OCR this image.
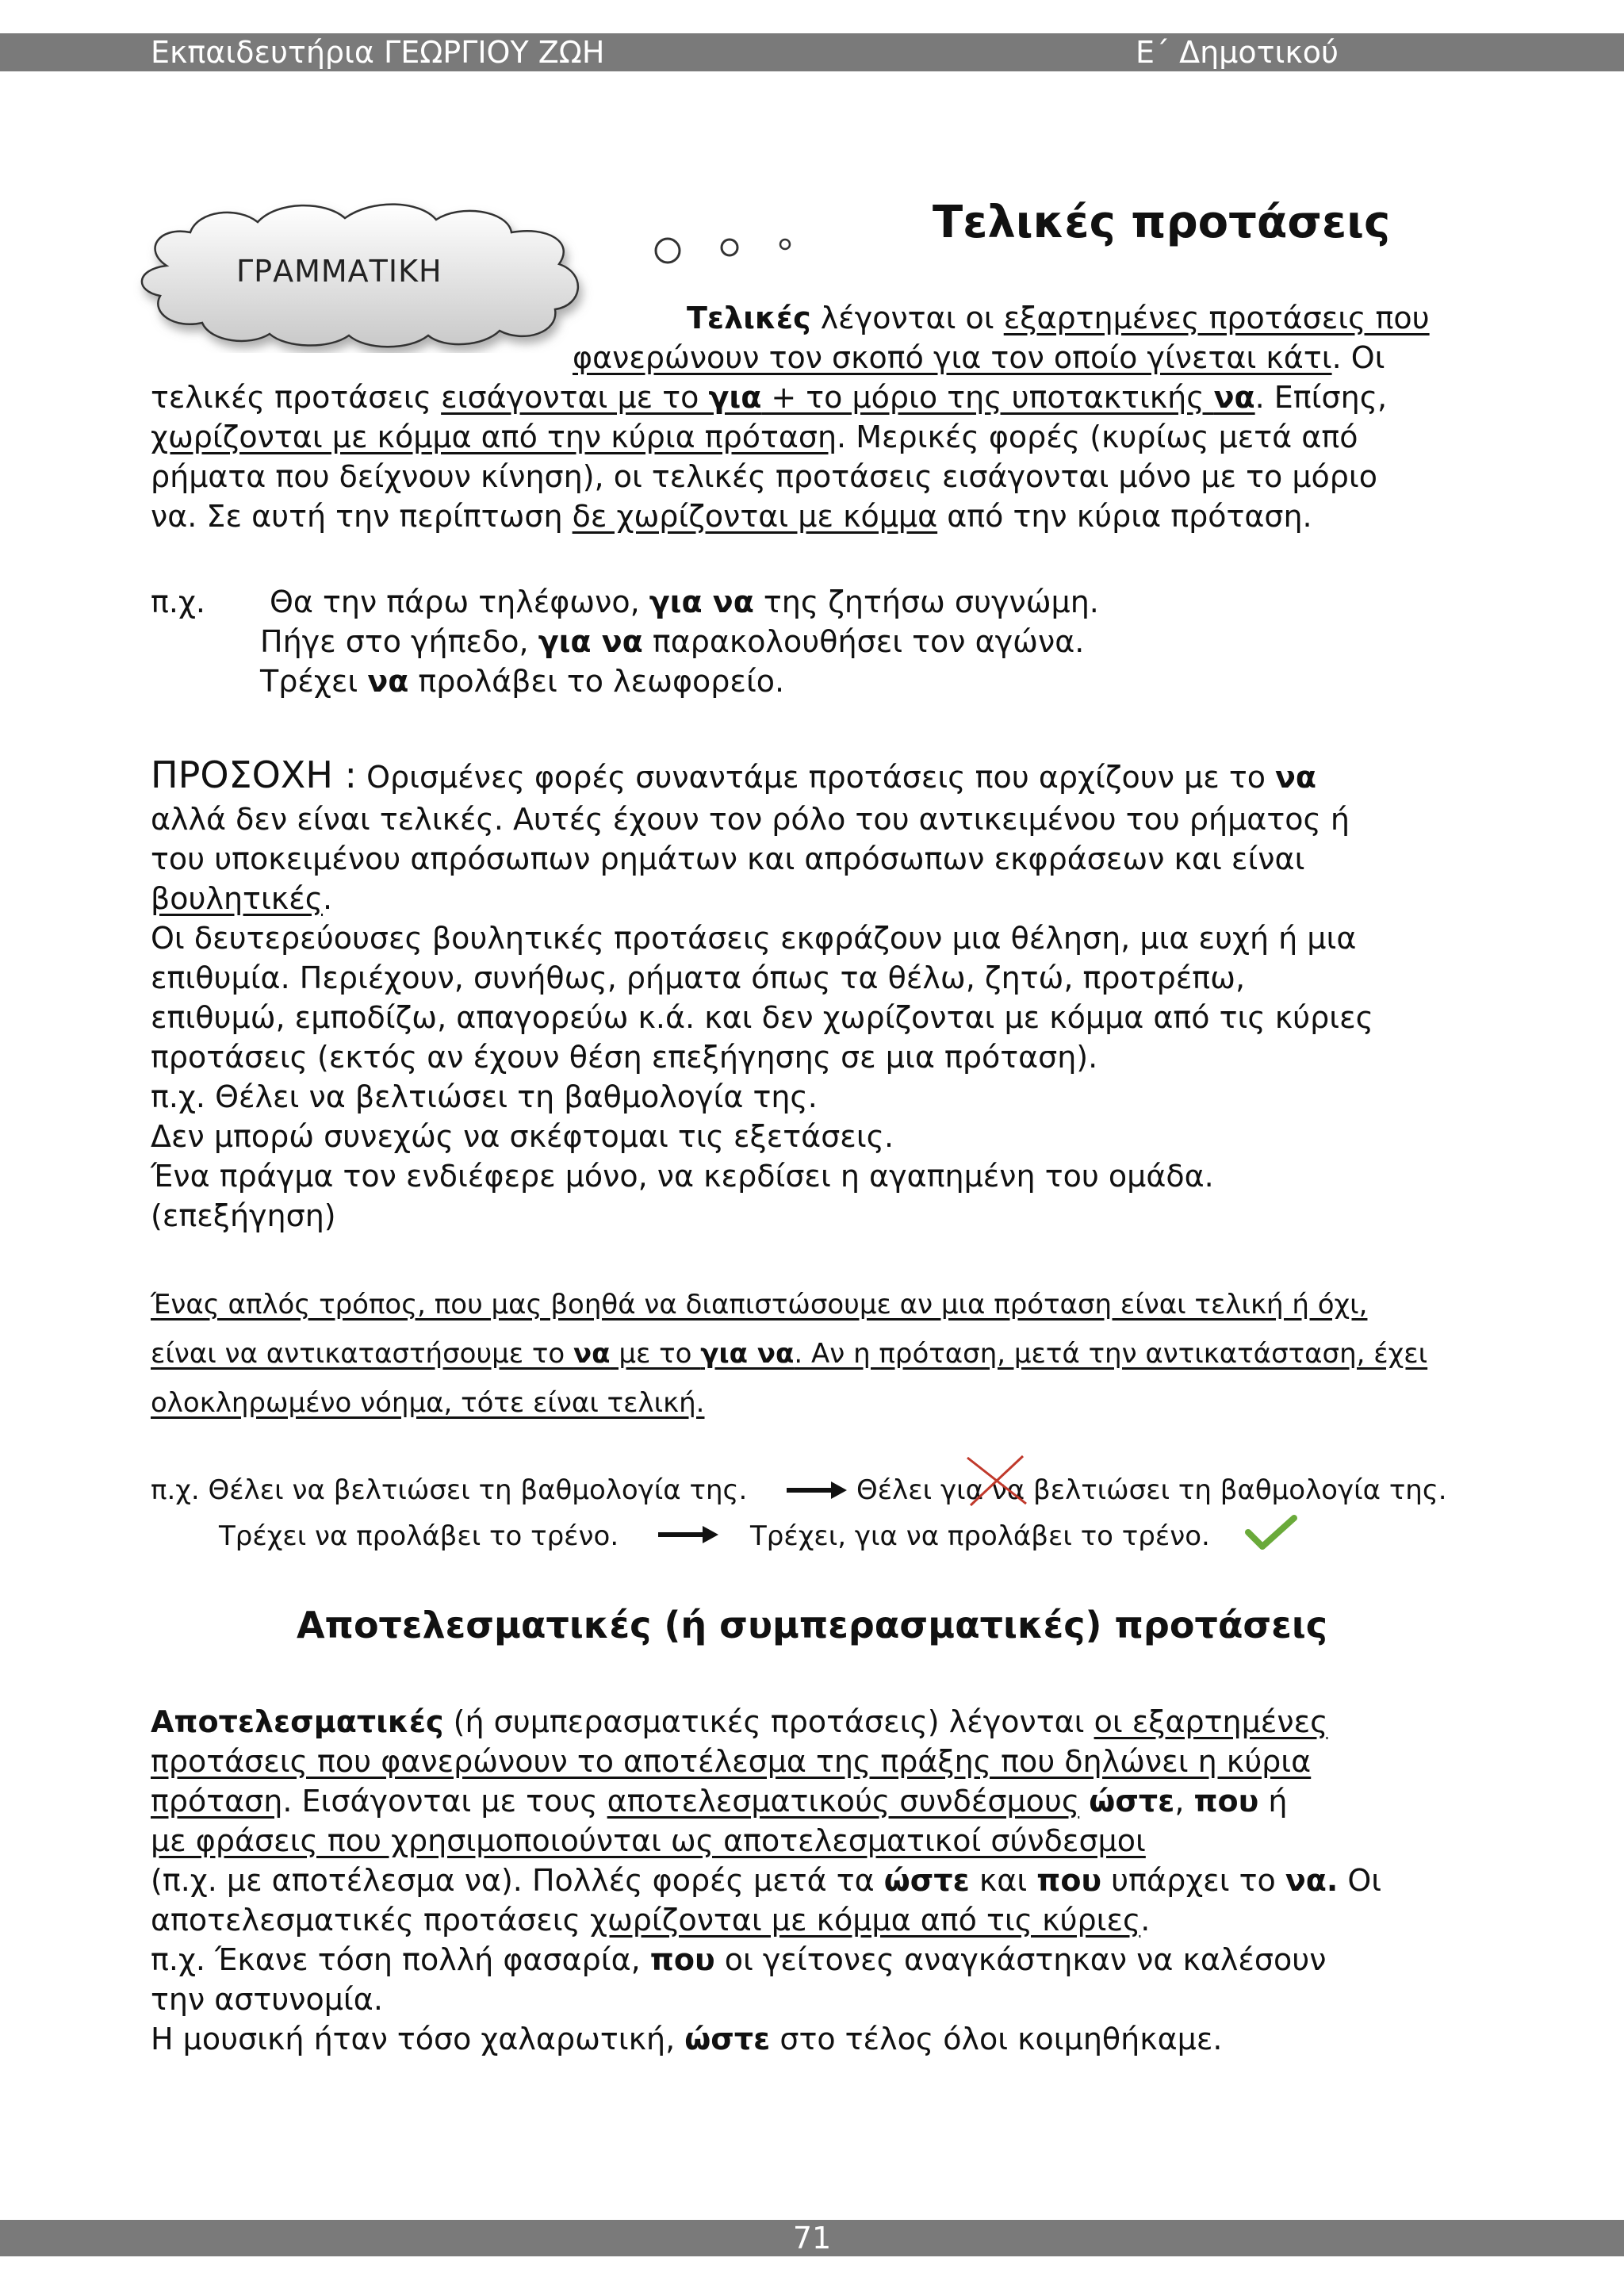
Εκπαιδευτήρια ΓΕΩΡΓΙΟΥ ΖΩΗ	Ε΄ Δημοτικού
ΓΡΑΜΜΑΤΙΚΗ
Τελικές προτάσεις
Τελικές λέγονται οι εξαρτημένες προτάσεις που
φανερώνουν τον σκοπό για τον οποίο γίνεται κάτι. Οι
τελικές προτάσεις εισάγονται με το για + το μόριο της υποτακτικής να. Επίσης,
χωρίζονται με κόμμα από την κύρια πρόταση. Μερικές φορές (κυρίως μετά από
ρήματα που δείχνουν κίνηση), οι τελικές προτάσεις εισάγονται μόνο με το μόριο
να. Σε αυτή την περίπτωση δε χωρίζονται με κόμμα από την κύρια πρόταση.
π.χ. Θα την πάρω τηλέφωνο, για να της ζητήσω συγνώμη.
Πήγε στο γήπεδο, για να παρακολουθήσει τον αγώνα.
Τρέχει να προλάβει το λεωφορείο.
ΠΡΟΣΟΧΗ : Ορισμένες φορές συναντάμε προτάσεις που αρχίζουν με το να
αλλά δεν είναι τελικές. Αυτές έχουν τον ρόλο του αντικειμένου του ρήματος ή
του υποκειμένου απρόσωπων ρημάτων και απρόσωπων εκφράσεων και είναι
βουλητικές.
Οι δευτερεύουσες βουλητικές προτάσεις εκφράζουν μια θέληση, μια ευχή ή μια
επιθυμία. Περιέχουν, συνήθως, ρήματα όπως τα θέλω, ζητώ, προτρέπω,
επιθυμώ, εμποδίζω, απαγορεύω κ.ά. και δεν χωρίζονται με κόμμα από τις κύριες
προτάσεις (εκτός αν έχουν θέση επεξήγησης σε μια πρόταση).
π.χ. Θέλει να βελτιώσει τη βαθμολογία της.
Δεν μπορώ συνεχώς να σκέφτομαι τις εξετάσεις.
Ένα πράγμα τον ενδιέφερε μόνο, να κερδίσει η αγαπημένη του ομάδα.
(επεξήγηση)
Ένας απλός τρόπος, που μας βοηθά να διαπιστώσουμε αν μια πρόταση είναι τελική ή όχι,
είναι να αντικαταστήσουμε το να με το για να. Αν η πρόταση, μετά την αντικατάσταση, έχει
ολοκληρωμένο νόημα, τότε είναι τελική.
π.χ. Θέλει να βελτιώσει τη βαθμολογία της.	Θέλει για να βελτιώσει τη βαθμολογία της.
Τρέχει να προλάβει το τρένο.	Τρέχει, για να προλάβει το τρένο.
Αποτελεσματικές (ή συμπερασματικές) προτάσεις
Αποτελεσματικές (ή συμπερασματικές προτάσεις) λέγονται οι εξαρτημένες
προτάσεις που φανερώνουν το αποτέλεσμα της πράξης που δηλώνει η κύρια
πρόταση. Εισάγονται με τους αποτελεσματικούς συνδέσμους ώστε, που ή
με φράσεις που χρησιμοποιούνται ως αποτελεσματικοί σύνδεσμοι
(π.χ. με αποτέλεσμα να). Πολλές φορές μετά τα ώστε και που υπάρχει το να. Οι
αποτελεσματικές προτάσεις χωρίζονται με κόμμα από τις κύριες.
π.χ. Έκανε τόση πολλή φασαρία, που οι γείτονες αναγκάστηκαν να καλέσουν
την αστυνομία.
Η μουσική ήταν τόσο χαλαρωτική, ώστε στο τέλος όλοι κοιμηθήκαμε.
71
